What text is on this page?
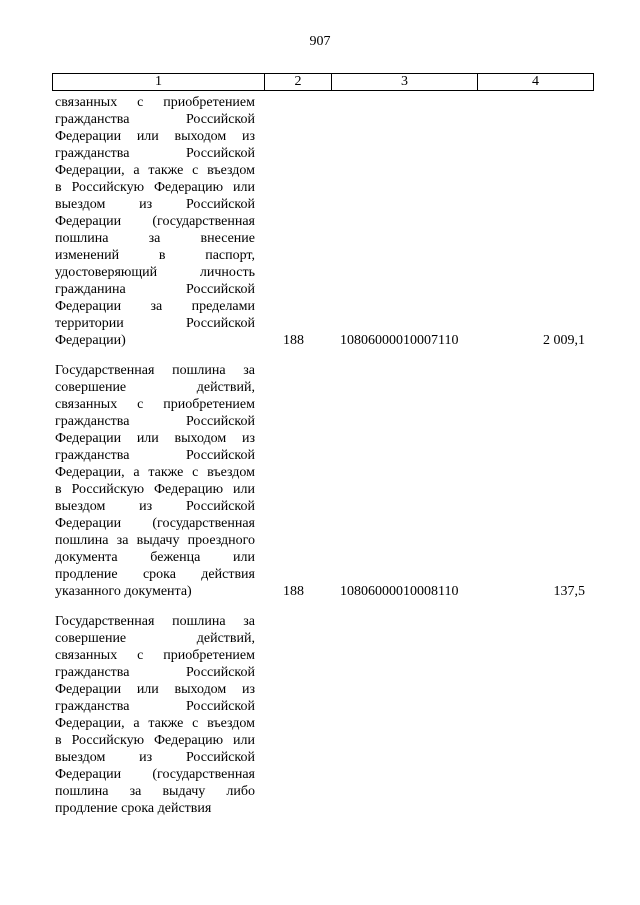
907
1	2	3	4
связанных с приобретением
гражданства Российской
Федерации или выходом из
гражданства Российской
Федерации, а также с въездом
в Российскую Федерацию или
выездом из Российской
Федерации (государственная
пошлина за внесение
изменений в паспорт,
удостоверяющий личность
гражданина Российской
Федерации за пределами
территории Российской
Федерации)	188	10806000010007110	2 009,1
Государственная пошлина за
совершение действий,
связанных с приобретением
гражданства Российской
Федерации или выходом из
гражданства Российской
Федерации, а также с въездом
в Российскую Федерацию или
выездом из Российской
Федерации (государственная
пошлина за выдачу проездного
документа беженца или
продление срока действия
указанного документа)	188	10806000010008110	137,5
Государственная пошлина за
совершение действий,
связанных с приобретением
гражданства Российской
Федерации или выходом из
гражданства Российской
Федерации, а также с въездом
в Российскую Федерацию или
выездом из Российской
Федерации (государственная
пошлина за выдачу либо
продление срока действия
